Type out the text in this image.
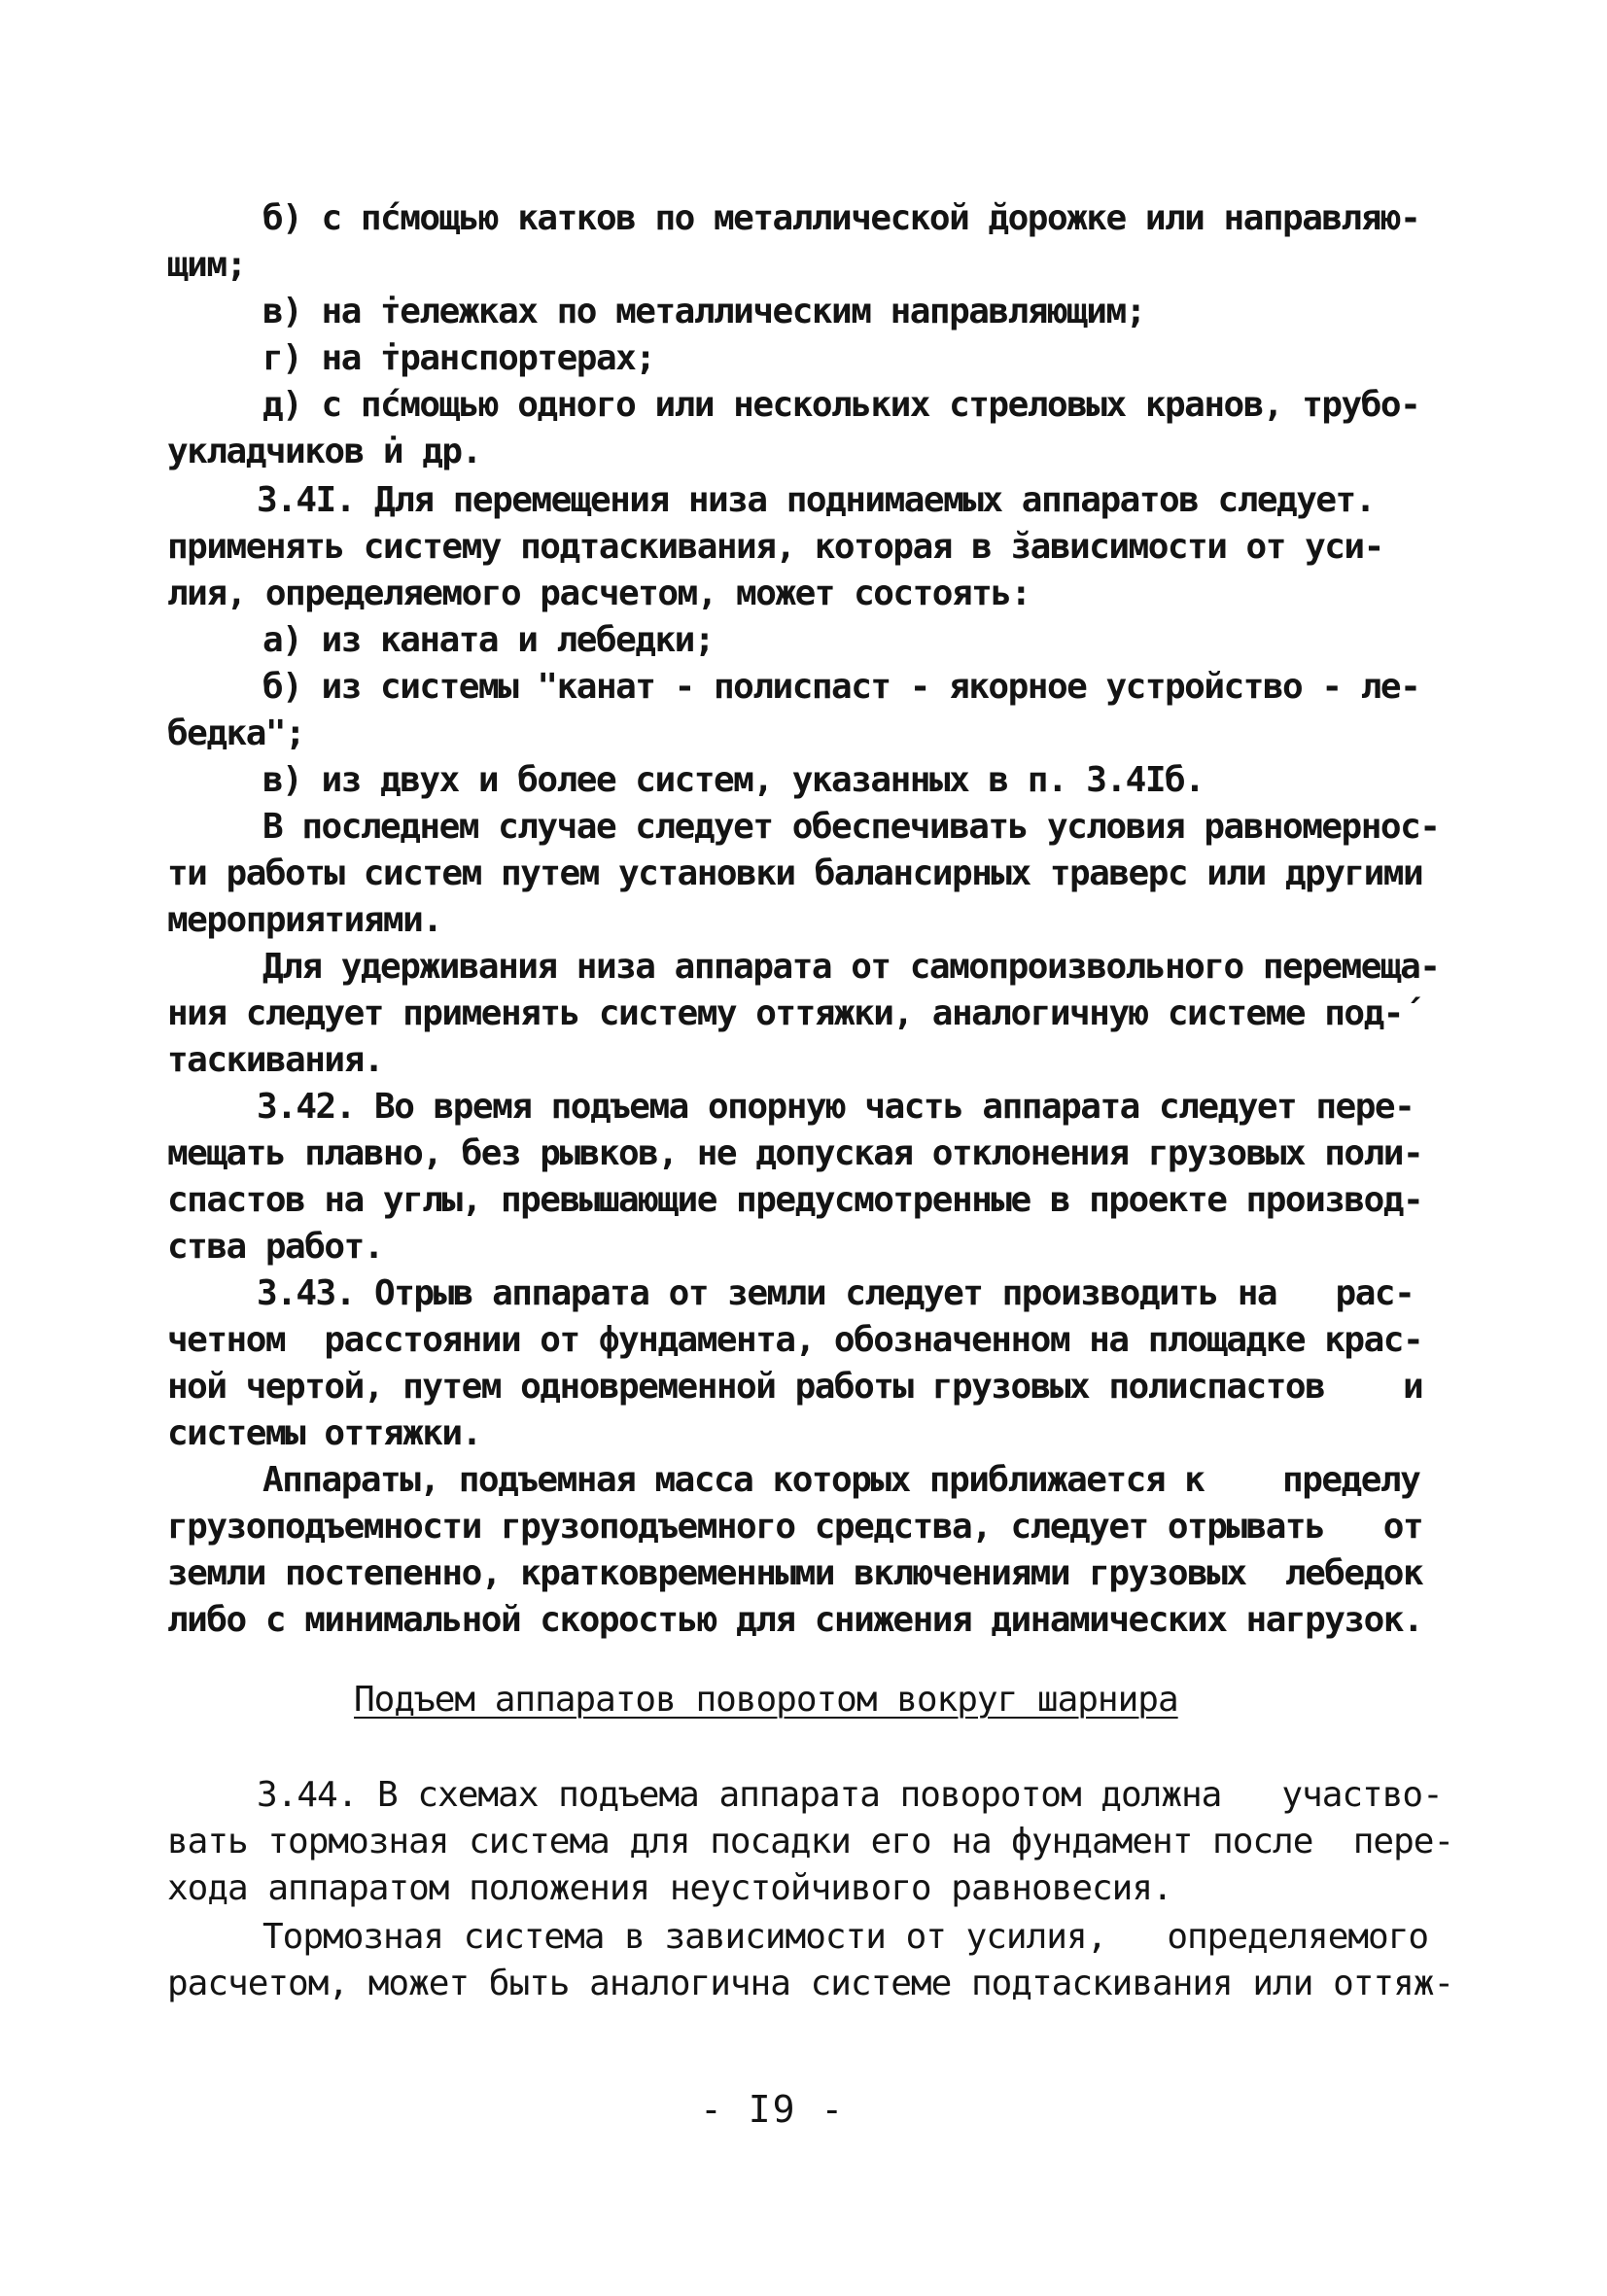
б) с пćмощью катков по металлической ̆дорожке или направляю-
щим;
в) на ̇тележках по металлическим направляющим;
г) на ̇транспортерах;
д) с пćмощью одного или нескольких стреловых кранов, трубо-
укладчиков и̇ др.
3.4I. Для перемещения низа поднимаемых аппаратов следует.
применять систему подтаскивания, которая в ̆зависимости от уси-
лия, определяемого расчетом, может состоять:
а) из каната и лебедки;
б) из системы "канат - полиспаст - якорное устройство - ле-
бедка";
в) из двух и более систем, указанных в п. 3.4Iб.
В последнем случае следует обеспечивать условия равномернос-
ти работы систем путем установки балансирных траверс или другими
мероприятиями.
Для удерживания низа аппарата от самопроизвольного перемеща-
ния следует применять систему оттяжки, аналогичную системе под-´
таскивания.
3.42. Во время подъема опорную часть аппарата следует пере-
мещать плавно, без рывков, не допуская отклонения грузовых поли-
спастов на углы, превышающие предусмотренные в проекте производ-
ства работ.
3.43. Отрыв аппарата от земли следует производить на   рас-
четном  расстоянии от фундамента, обозначенном на площадке крас-
ной чертой, путем одновременной работы грузовых полиспастов    и
системы оттяжки.
Аппараты, подъемная масса которых приближается к    пределу
грузоподъемности грузоподъемного средства, следует отрывать   от
земли постепенно, кратковременными включениями грузовых  лебедок
либо с минимальной скоростью для снижения динамических нагрузок.
Подъем аппаратов поворотом вокруг шарнира
3.44. В схемах подъема аппарата поворотом должна   участво-
вать тормозная система для посадки его на фундамент после  пере-
хода аппаратом положения неустойчивого равновесия.
Тормозная система в зависимости от усилия,   определяемого
расчетом, может быть аналогична системе подтаскивания или оттяж-
- I9 -
